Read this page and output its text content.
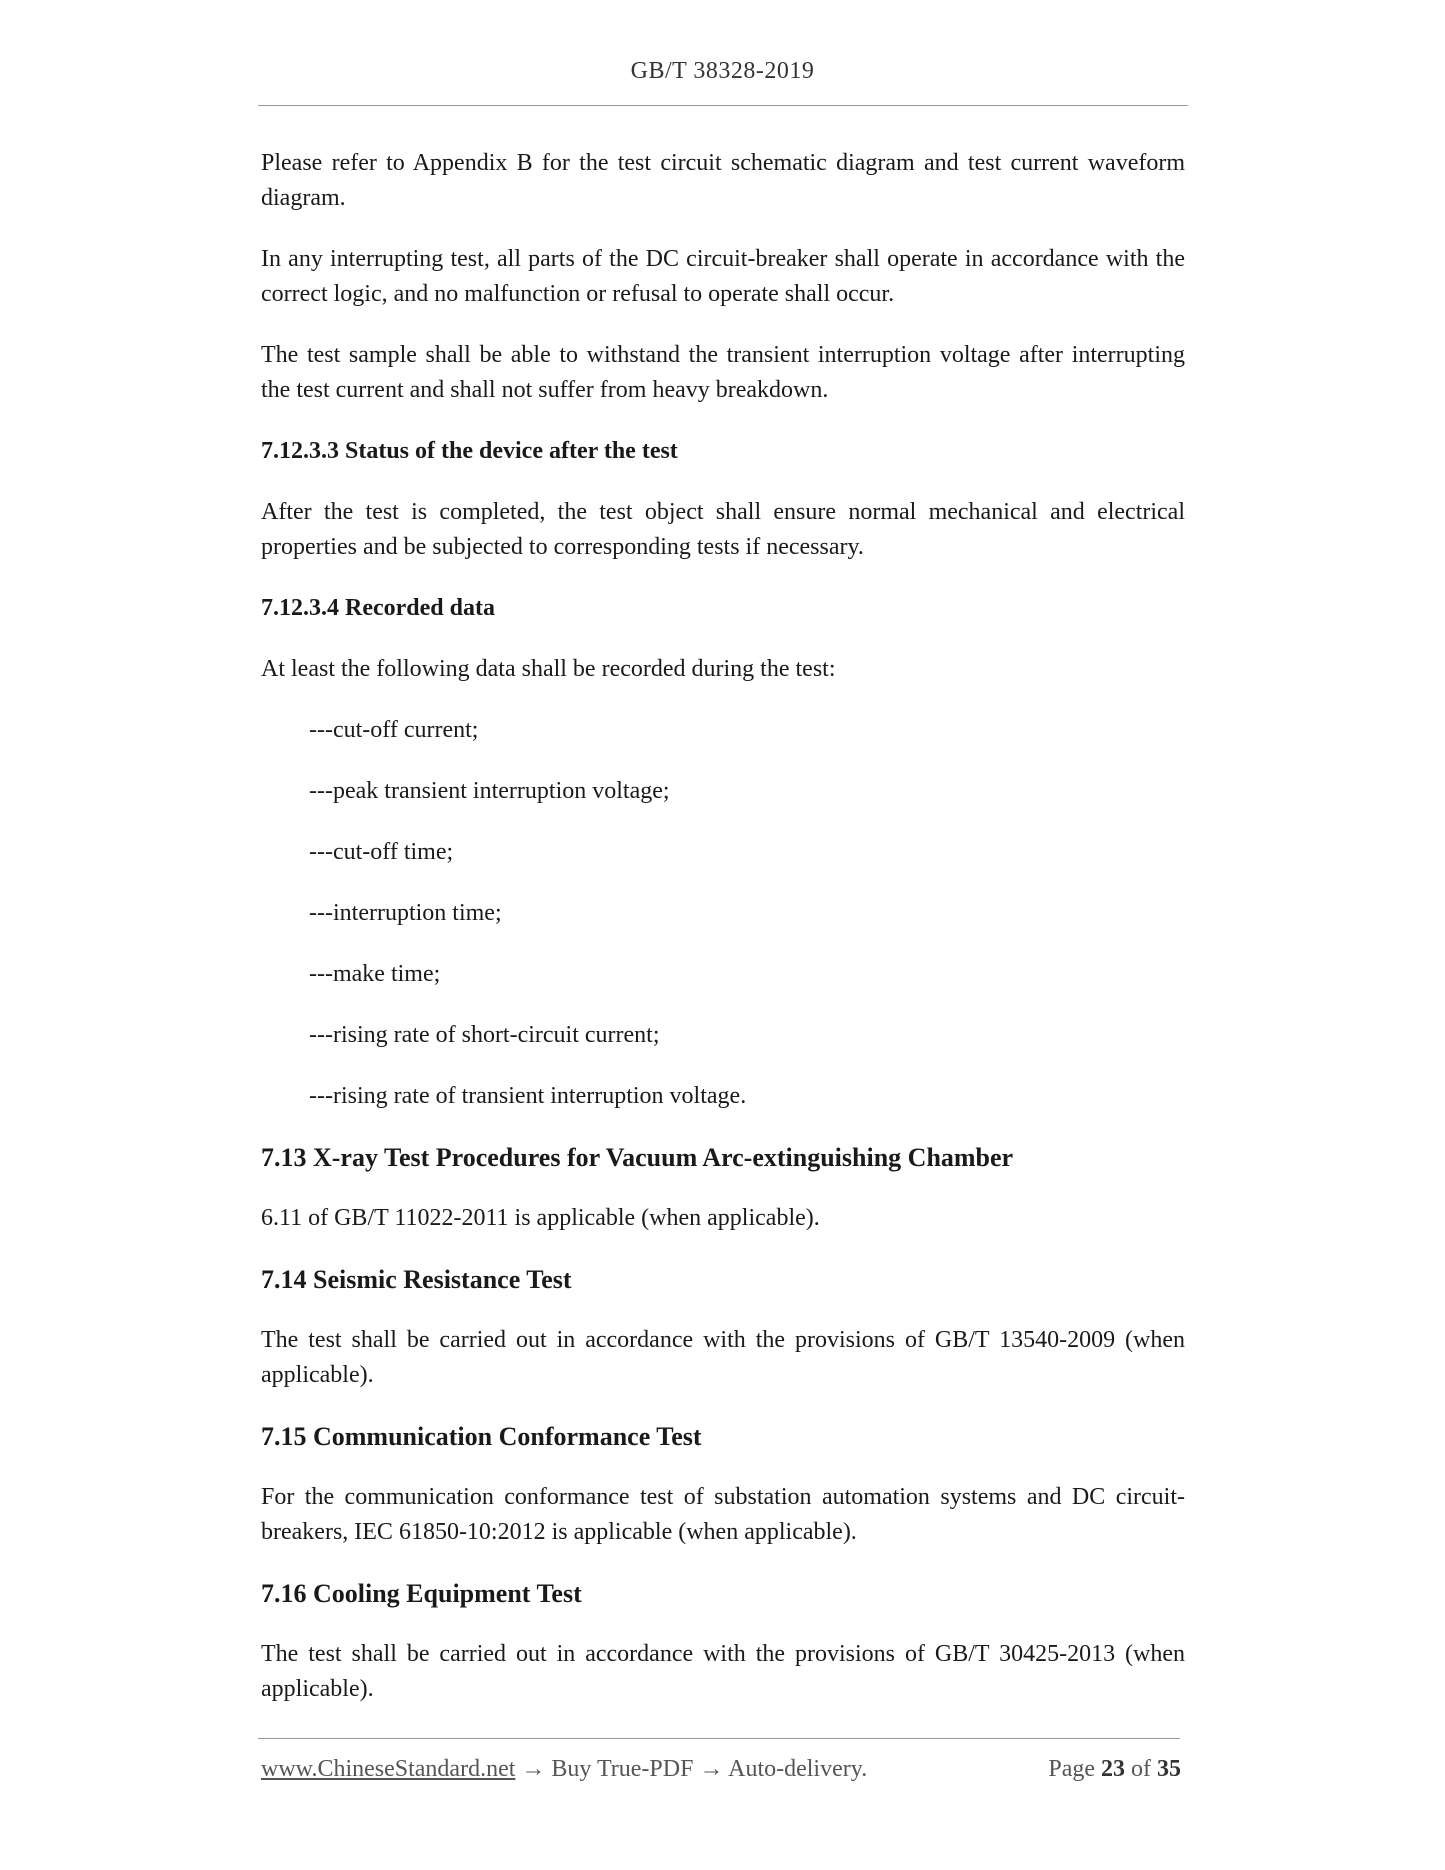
GB/T 38328-2019

Please refer to Appendix B for the test circuit schematic diagram and test current waveform diagram.

In any interrupting test, all parts of the DC circuit-breaker shall operate in accordance with the correct logic, and no malfunction or refusal to operate shall occur.

The test sample shall be able to withstand the transient interruption voltage after interrupting the test current and shall not suffer from heavy breakdown.

7.12.3.3 Status of the device after the test

After the test is completed, the test object shall ensure normal mechanical and electrical properties and be subjected to corresponding tests if necessary.

7.12.3.4 Recorded data

At least the following data shall be recorded during the test:

---cut-off current;
---peak transient interruption voltage;
---cut-off time;
---interruption time;
---make time;
---rising rate of short-circuit current;
---rising rate of transient interruption voltage.
7.13 X-ray Test Procedures for Vacuum Arc-extinguishing Chamber

6.11 of GB/T 11022-2011 is applicable (when applicable).

7.14 Seismic Resistance Test

The test shall be carried out in accordance with the provisions of GB/T 13540-2009 (when applicable).

7.15 Communication Conformance Test

For the communication conformance test of substation automation systems and DC circuit-breakers, IEC 61850-10:2012 is applicable (when applicable).

7.16 Cooling Equipment Test

The test shall be carried out in accordance with the provisions of GB/T 30425-2013 (when applicable).

www.ChineseStandard.net → Buy True-PDF → Auto-delivery.	Page 23 of 35
